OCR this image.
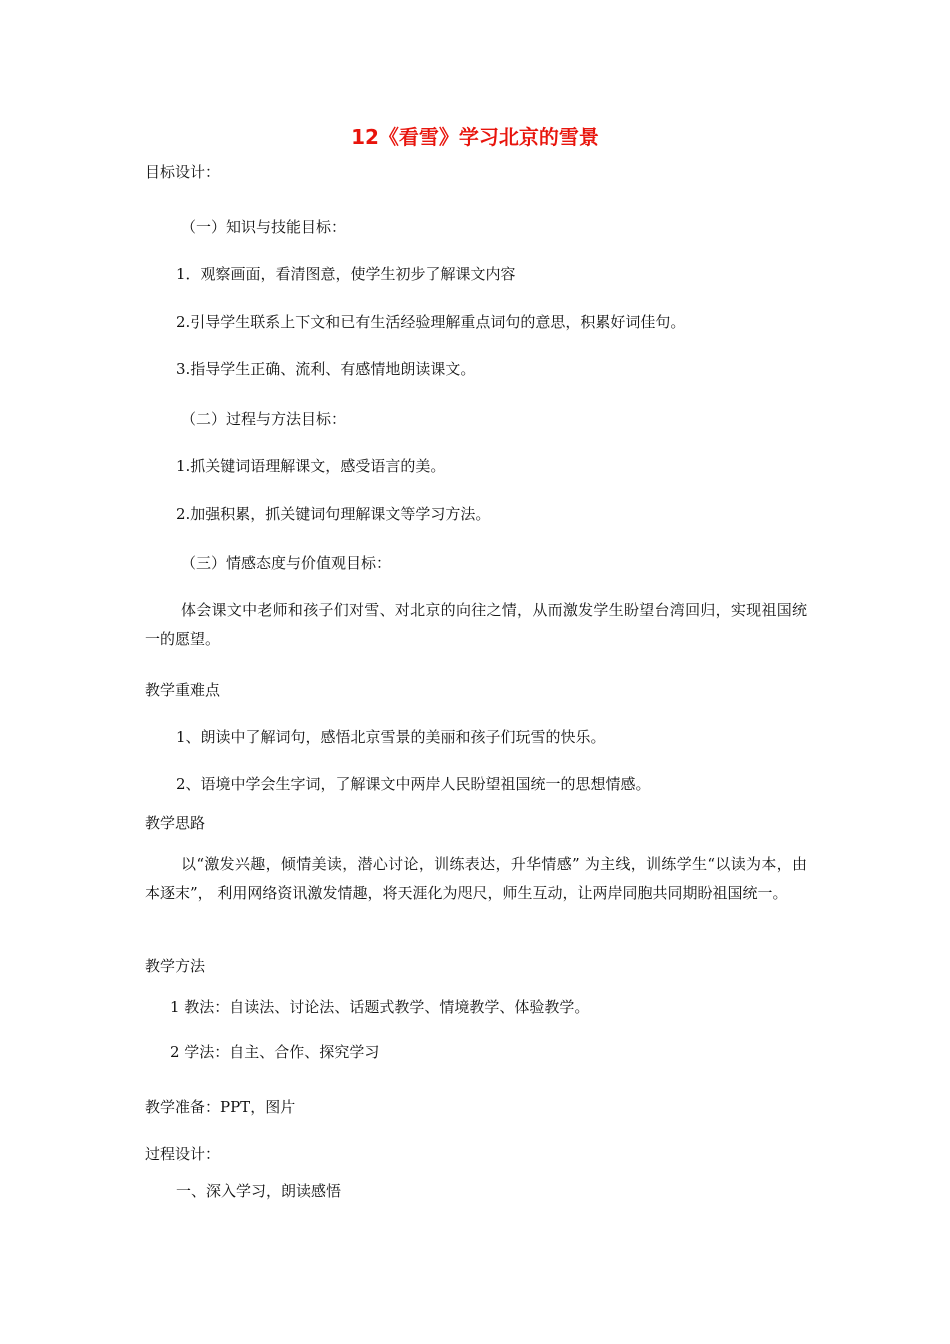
12《看雪》学习北京的雪景

目标设计：

（一）知识与技能目标：

1．观察画面，看清图意，使学生初步了解课文内容

2.引导学生联系上下文和已有生活经验理解重点词句的意思，积累好词佳句。

3.指导学生正确、流利、有感情地朗读课文。

（二）过程与方法目标：

1.抓关键词语理解课文，感受语言的美。

2.加强积累，抓关键词句理解课文等学习方法。

（三）情感态度与价值观目标：

体会课文中老师和孩子们对雪、对北京的向往之情，从而激发学生盼望台湾回归，实现祖国统一的愿望。

教学重难点

1、朗读中了解词句，感悟北京雪景的美丽和孩子们玩雪的快乐。

2、语境中学会生字词，了解课文中两岸人民盼望祖国统一的思想情感。

教学思路

以“激发兴趣，倾情美读，潜心讨论，训练表达，升华情感” 为主线，训练学生“以读为本，由本逐末”， 利用网络资讯激发情趣，将天涯化为咫尺，师生互动，让两岸同胞共同期盼祖国统一。

教学方法

1 教法：自读法、讨论法、话题式教学、情境教学、体验教学。

2 学法：自主、合作、探究学习

教学准备：PPT，图片

过程设计：

一、深入学习，朗读感悟
